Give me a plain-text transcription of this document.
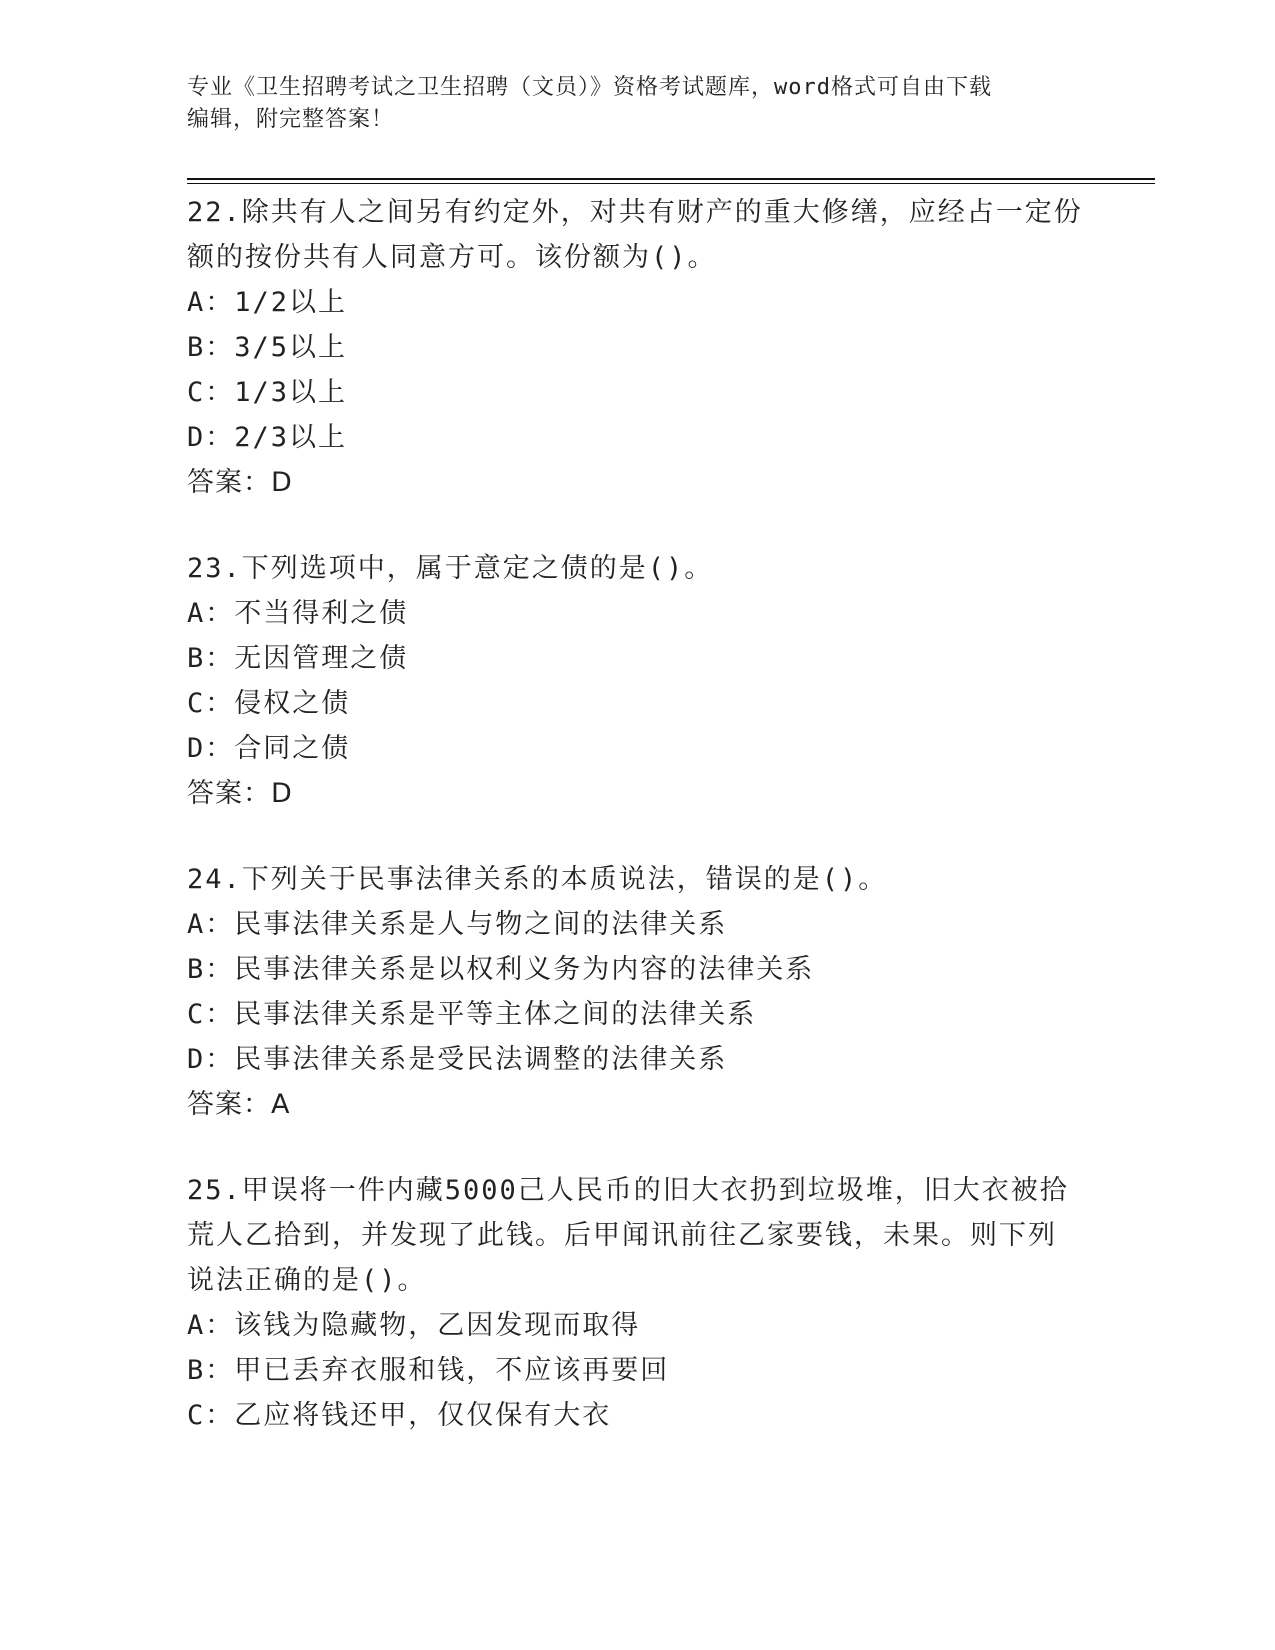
专业《卫生招聘考试之卫生招聘（文员）》资格考试题库，word格式可自由下载
编辑，附完整答案！
22.除共有人之间另有约定外，对共有财产的重大修缮，应经占一定份
额的按份共有人同意方可。该份额为()。
A：1/2以上
B：3/5以上
C：1/3以上
D：2/3以上
答案：D
23.下列选项中，属于意定之债的是()。
A：不当得利之债
B：无因管理之债
C：侵权之债
D：合同之债
答案：D
24.下列关于民事法律关系的本质说法，错误的是()。
A：民事法律关系是人与物之间的法律关系
B：民事法律关系是以权利义务为内容的法律关系
C：民事法律关系是平等主体之间的法律关系
D：民事法律关系是受民法调整的法律关系
答案：A
25.甲误将一件内藏5000己人民币的旧大衣扔到垃圾堆，旧大衣被拾
荒人乙拾到，并发现了此钱。后甲闻讯前往乙家要钱，未果。则下列
说法正确的是()。
A：该钱为隐藏物，乙因发现而取得
B：甲已丢弃衣服和钱，不应该再要回
C：乙应将钱还甲，仅仅保有大衣
